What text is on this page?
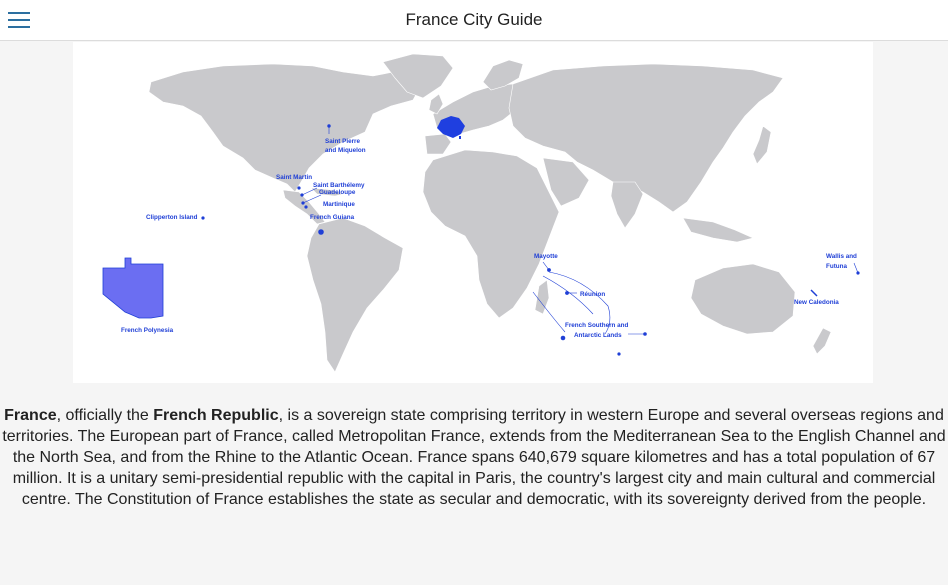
France City Guide
Saint Pierre
and Miquelon
Saint Martin
Saint Barthélemy
Guadeloupe
Martinique
French Guiana
Clipperton Island
French Polynesia
Mayotte
Réunion
French Southern and
Antarctic Lands
Wallis and
Futuna
New Caledonia

France, officially the French Republic, is a sovereign state comprising territory in western Europe and several overseas regions and territories. The European part of France, called Metropolitan France, extends from the Mediterranean Sea to the English Channel and the North Sea, and from the Rhine to the Atlantic Ocean. France spans 640,679 square kilometres and has a total population of 67 million. It is a unitary semi-presidential republic with the capital in Paris, the country's largest city and main cultural and commercial centre. The Constitution of France establishes the state as secular and democratic, with its sovereignty derived from the people.
